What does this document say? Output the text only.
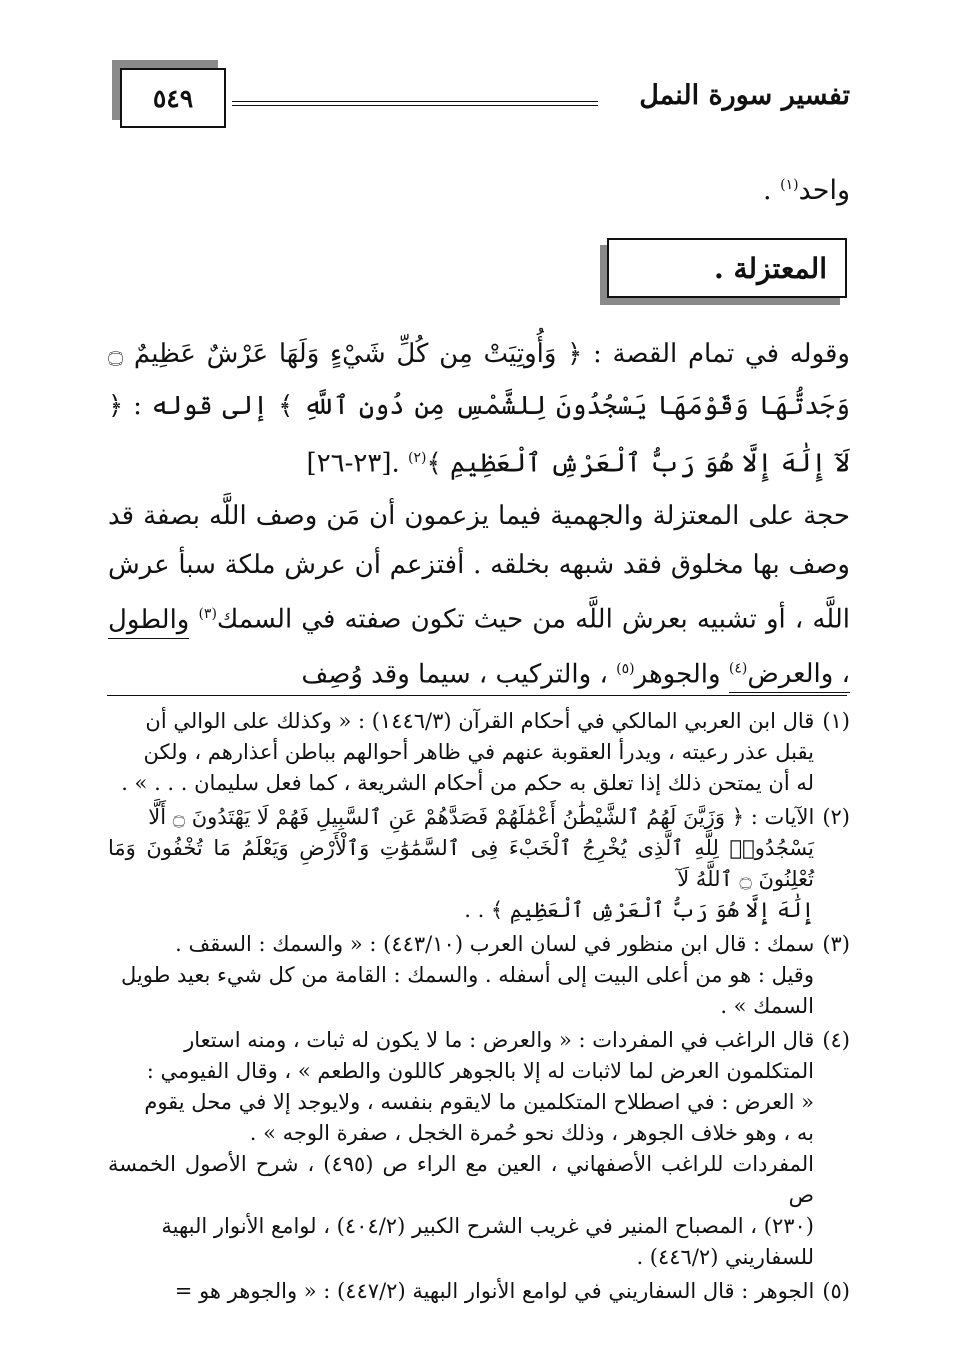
٥٤٩	تفسير سورة النمل
واحد$^{(١)}$ .
المعتزلة .
وقوله في تمام القصة : ﴿ وَأُوتِيَتْ مِن كُلِّ شَيْءٍ وَلَهَا عَرْشٌ عَظِيمٌ ۝ وَجَدتُّهَا وَقَوْمَهَا يَسْجُدُونَ لِلشَّمْسِ مِن دُونِ ٱللَّهِ ﴾ إلى قوله : ﴿ لَآ إِلَٰهَ إِلَّا هُوَ رَبُّ ٱلْعَرْشِ ٱلْعَظِيمِ ﴾$^{(٢)}$ .[٢٣-٢٦]
حجة على المعتزلة والجهمية فيما يزعمون أن مَن وصف اللَّه بصفة قد وصف بها مخلوق فقد شبهه بخلقه . أفتزعم أن عرش ملكة سبأ عرش اللَّه ، أو تشبيه بعرش اللَّه من حيث تكون صفته في السمك$^{(٣)}$ والطول ، والعرض$^{(٤)}$ والجوهر$^{(٥)}$ ، والتركيب ، سيما وقد وُصِف
(١)قال ابن العربي المالكي في أحكام القرآن (١٤٤٦/٣) : « وكذلك على الوالي أن
يقبل عذر رعيته ، ويدرأ العقوبة عنهم في ظاهر أحوالهم بباطن أعذارهم ، ولكن
له أن يمتحن ذلك إذا تعلق به حكم من أحكام الشريعة ، كما فعل سليمان . . . » .
(٢)الآيات : ﴿ وَزَيَّنَ لَهُمُ ٱلشَّيْطَٰنُ أَعْمَٰلَهُمْ فَصَدَّهُمْ عَنِ ٱلسَّبِيلِ فَهُمْ لَا يَهْتَدُونَ ۝ أَلَّا
يَسْجُدُوا۟ لِلَّهِ ٱلَّذِى يُخْرِجُ ٱلْخَبْءَ فِى ٱلسَّمَٰوَٰتِ وَٱلْأَرْضِ وَيَعْلَمُ مَا تُخْفُونَ وَمَا تُعْلِنُونَ ۝ ٱللَّهُ لَآ
إِلَٰهَ إِلَّا هُوَ رَبُّ ٱلْعَرْشِ ٱلْعَظِيمِ ﴾ . .
(٣)سمك : قال ابن منظور في لسان العرب (٤٤٣/١٠) : « والسمك : السقف .
وقيل : هو من أعلى البيت إلى أسفله . والسمك : القامة من كل شيء بعيد طويل
السمك » .
(٤)قال الراغب في المفردات : « والعرض : ما لا يكون له ثبات ، ومنه استعار
المتكلمون العرض لما لاثبات له إلا بالجوهر كاللون والطعم » ، وقال الفيومي :
« العرض : في اصطلاح المتكلمين ما لايقوم بنفسه ، ولايوجد إلا في محل يقوم
به ، وهو خلاف الجوهر ، وذلك نحو حُمرة الخجل ، صفرة الوجه » .
المفردات للراغب الأصفهاني ، العين مع الراء ص (٤٩٥) ، شرح الأصول الخمسة ص
(٢٣٠) ، المصباح المنير في غريب الشرح الكبير (٤٠٤/٢) ، لوامع الأنوار البهية
للسفاريني (٤٤٦/٢) .
(٥)الجوهر : قال السفاريني في لوامع الأنوار البهية (٤٤٧/٢) : « والجوهر هو =
